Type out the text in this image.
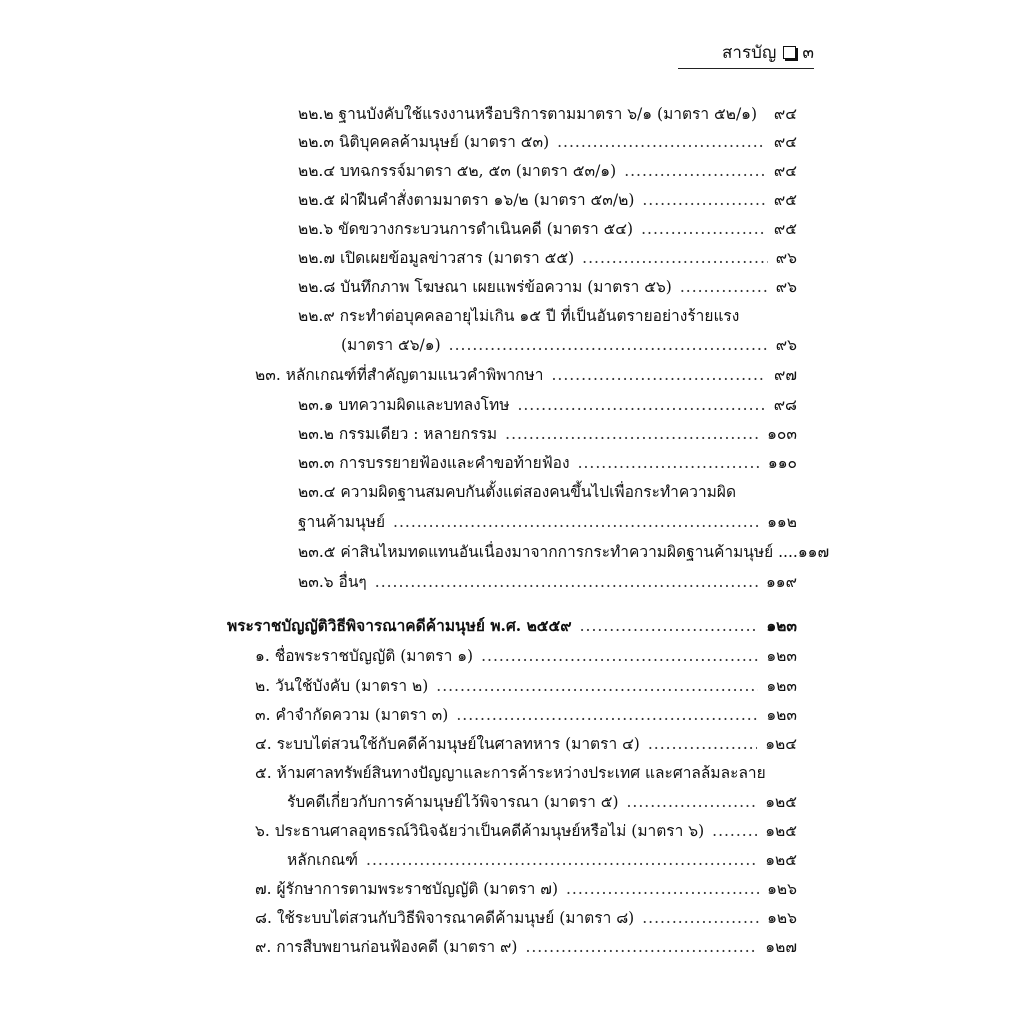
สารบัญ ๓
๒๒.๒ ฐานบังคับใช้แรงงานหรือบริการตามมาตรา ๖/๑ (มาตรา ๕๒/๑) ..... ๙๔
๒๒.๓ นิติบุคคลค้ามนุษย์ (มาตรา ๕๓) .....	๙๔
๒๒.๔ บทฉกรรจ์มาตรา ๕๒, ๕๓ (มาตรา ๕๓/๑) .....	๙๔
๒๒.๕ ฝ่าฝืนคำสั่งตามมาตรา ๑๖/๒ (มาตรา ๕๓/๒) .....	๙๕
๒๒.๖ ขัดขวางกระบวนการดำเนินคดี (มาตรา ๕๔) .....	๙๕
๒๒.๗ เปิดเผยข้อมูลข่าวสาร (มาตรา ๕๕) .....	๙๖
๒๒.๘ บันทึกภาพ โฆษณา เผยแพร่ข้อความ (มาตรา ๕๖) .....	๙๖
๒๒.๙ กระทำต่อบุคคลอายุไม่เกิน ๑๕ ปี ที่เป็นอันตรายอย่างร้ายแรง
(มาตรา ๕๖/๑) .....	๙๖
๒๓. หลักเกณฑ์ที่สำคัญตามแนวคำพิพากษา .....	๙๗
๒๓.๑ บทความผิดและบทลงโทษ .....	๙๘
๒๓.๒ กรรมเดียว : หลายกรรม .....	๑๐๓
๒๓.๓ การบรรยายฟ้องและคำขอท้ายฟ้อง .....	๑๑๐
๒๓.๔ ความผิดฐานสมคบกันตั้งแต่สองคนขึ้นไปเพื่อกระทำความผิด
ฐานค้ามนุษย์ .....	๑๑๒
๒๓.๕ ค่าสินไหมทดแทนอันเนื่องมาจากการกระทำความผิดฐานค้ามนุษย์ .... ๑๑๗
๒๓.๖ อื่นๆ .....	๑๑๙
พระราชบัญญัติวิธีพิจารณาคดีค้ามนุษย์ พ.ศ. ๒๕๕๙ .....	๑๒๓
๑. ชื่อพระราชบัญญัติ (มาตรา ๑) .....	๑๒๓
๒. วันใช้บังคับ (มาตรา ๒) .....	๑๒๓
๓. คำจำกัดความ (มาตรา ๓) .....	๑๒๓
๔. ระบบไต่สวนใช้กับคดีค้ามนุษย์ในศาลทหาร (มาตรา ๔) .....	๑๒๔
๕. ห้ามศาลทรัพย์สินทางปัญญาและการค้าระหว่างประเทศ และศาลล้มละลาย
รับคดีเกี่ยวกับการค้ามนุษย์ไว้พิจารณา (มาตรา ๕) .....	๑๒๕
๖. ประธานศาลอุทธรณ์วินิจฉัยว่าเป็นคดีค้ามนุษย์หรือไม่ (มาตรา ๖) .....	๑๒๕
หลักเกณฑ์ .....	๑๒๕
๗. ผู้รักษาการตามพระราชบัญญัติ (มาตรา ๗) .....	๑๒๖
๘. ใช้ระบบไต่สวนกับวิธีพิจารณาคดีค้ามนุษย์ (มาตรา ๘) .....	๑๒๖
๙. การสืบพยานก่อนฟ้องคดี (มาตรา ๙) .....	๑๒๗
